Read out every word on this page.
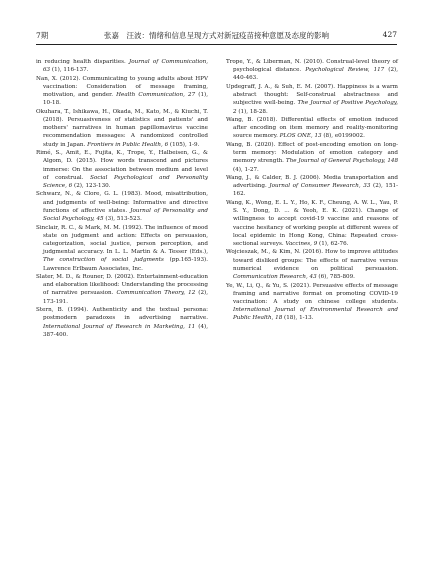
7期	张嘉　汪波：情绪和信息呈现方式对新冠疫苗接种意愿及态度的影响	427

in reducing health disparities. Journal of Communication, 63 (1), 116-137.

Nan, X. (2012). Communicating to young adults about HPV vaccination: Consideration of message framing, motivation, and gender. Health Communication, 27 (1), 10-18.

Okuhara, T., Ishikawa, H., Okada, M., Kato, M., & Kiuchi, T. (2018). Persuasiveness of statistics and patients' and mothers' narratives in human papillomavirus vaccine recommendation messages: A randomized controlled study in Japan. Frontiers in Public Health, 6 (105), 1-9.

Rimé, S., Amit, E., Fujita, K., Trope, Y., Halbeisen, G., & Algom, D. (2015). How words transcend and pictures immerse: On the association between medium and level of construal. Social Psychological and Personality Science, 6 (2), 123-130.

Schwarz, N., & Clore, G. L. (1983). Mood, misattribution, and judgments of well-being: Informative and directive functions of affective states. Journal of Personality and Social Psychology, 45 (3), 513-523.

Sinclair, R. C., & Mark, M. M. (1992). The influence of mood state on judgment and action: Effects on persuasion, categorization, social justice, person perception, and judgmental accuracy. In L. L. Martin & A. Tesser (Eds.), The construction of social judgments (pp.165-193). Lawrence Erlbaum Associates, Inc.

Slater, M. D., & Rouner, D. (2002). Entertainment-education and elaboration likelihood: Understanding the processing of narrative persuasion. Communication Theory, 12 (2), 173-191.

Stern, B. (1994). Authenticity and the textual persona: postmodern paradoxes in advertising narrative. International Journal of Research in Marketing, 11 (4), 387-400.

Trope, Y., & Liberman, N. (2010). Construal-level theory of psychological distance. Psychological Review, 117 (2), 440-463.

Updegraff, J. A., & Suh, E. M. (2007). Happiness is a warm abstract thought: Self-construal abstractness and subjective well-being. The Journal of Positive Psychology, 2 (1), 18-28.

Wang, B. (2018). Differential effects of emotion induced after encoding on item memory and reality-monitoring source memory. PLOS ONE, 13 (8), e0199002.

Wang, B. (2020). Effect of post-encoding emotion on long-term memory: Modulation of emotion category and memory strength. The Journal of General Psychology, 148 (4), 1-27.

Wang, J., & Calder, B. J. (2006). Media transportation and advertising. Journal of Consumer Research, 33 (2), 151-162.

Wang, K., Wong, E. L. Y., Ho, K. F., Cheung, A. W. L., Yau, P. S. Y., Dong, D. ... & Yeoh, E. K. (2021). Change of willingness to accept covid-19 vaccine and reasons of vaccine hesitancy of working people at different waves of local epidemic in Hong Kong, China: Repeated cross-sectional surveys. Vaccines, 9 (1), 62-76.

Wojcieszak, M., & Kim, N. (2016). How to improve attitudes toward disliked groups: The effects of narrative versus numerical evidence on political persuasion. Communication Research, 43 (6), 785-809.

Ye, W., Li, Q., & Yu, S. (2021). Persuasive effects of message framing and narrative format on promoting COVID-19 vaccination: A study on chinese college students. International Journal of Environmental Research and Public Health, 18 (18), 1-13.
